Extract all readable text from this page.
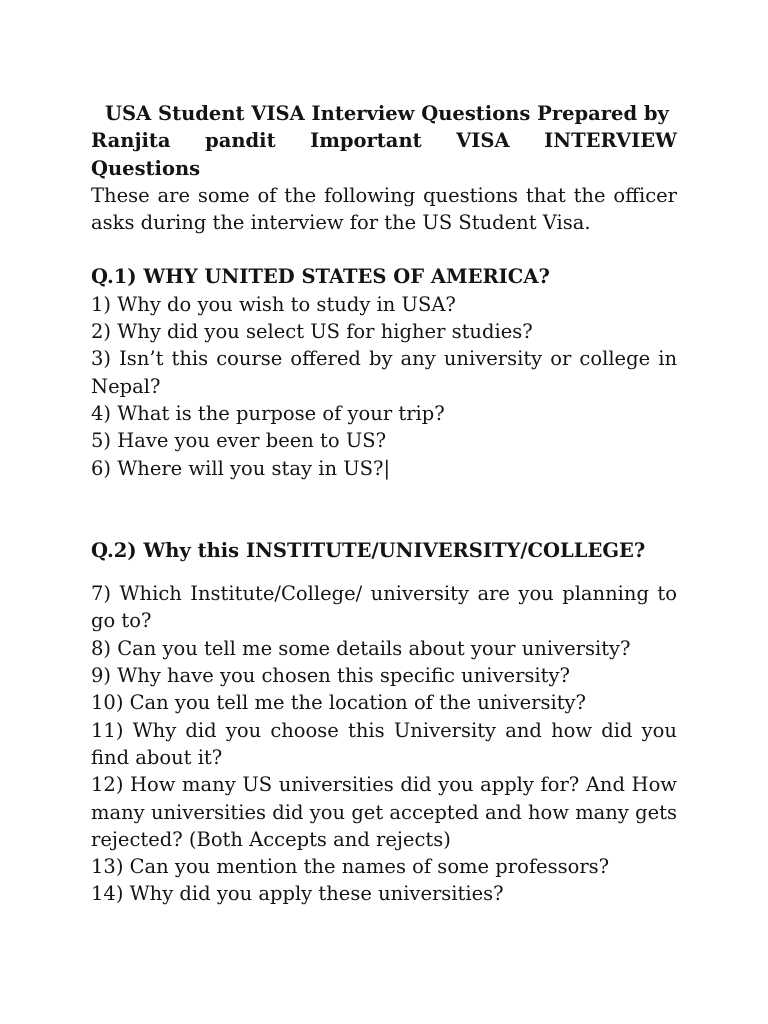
USA Student VISA Interview Questions Prepared by

Ranjita pandit Important VISA INTERVIEW Questions

These are some of the following questions that the officer asks during the interview for the US Student Visa.

Q.1) WHY UNITED STATES OF AMERICA?

1) Why do you wish to study in USA?
2) Why did you select US for higher studies?
3) Isn’t this course offered by any university or college in Nepal?
4) What is the purpose of your trip?
5) Have you ever been to US?
6) Where will you stay in US?|

Q.2) Why this INSTITUTE/UNIVERSITY/COLLEGE?

7) Which Institute/College/ university are you planning to go to?
8) Can you tell me some details about your university?
9) Why have you chosen this specific university?
10) Can you tell me the location of the university?
11) Why did you choose this University and how did you find about it?
12) How many US universities did you apply for? And How many universities did you get accepted and how many gets rejected? (Both Accepts and rejects)
13) Can you mention the names of some professors?
14) Why did you apply these universities?
